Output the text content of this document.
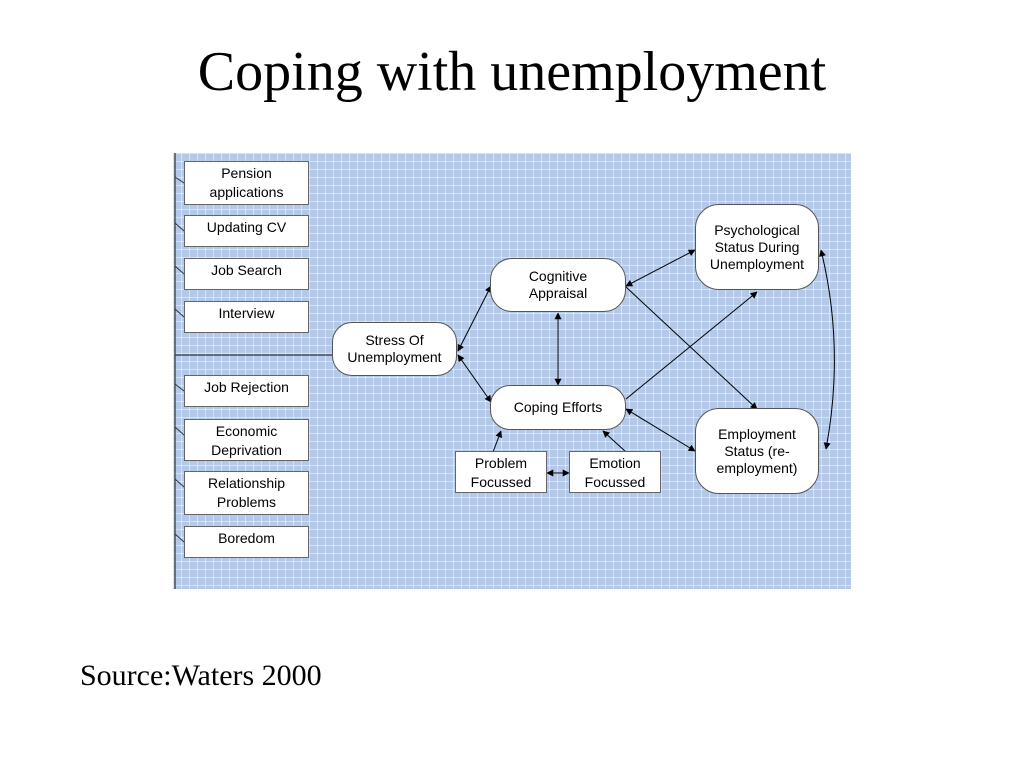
Coping with unemployment
Pension
applications
Updating CV
Job Search
Interview
Job Rejection
Economic
Deprivation
Relationship
Problems
Boredom
Stress Of
Unemployment
Cognitive
Appraisal
Coping Efforts
Problem
Focussed
Emotion
Focussed
Psychological
Status During
Unemployment
Employment
Status (re-
employment)
Source:Waters 2000
